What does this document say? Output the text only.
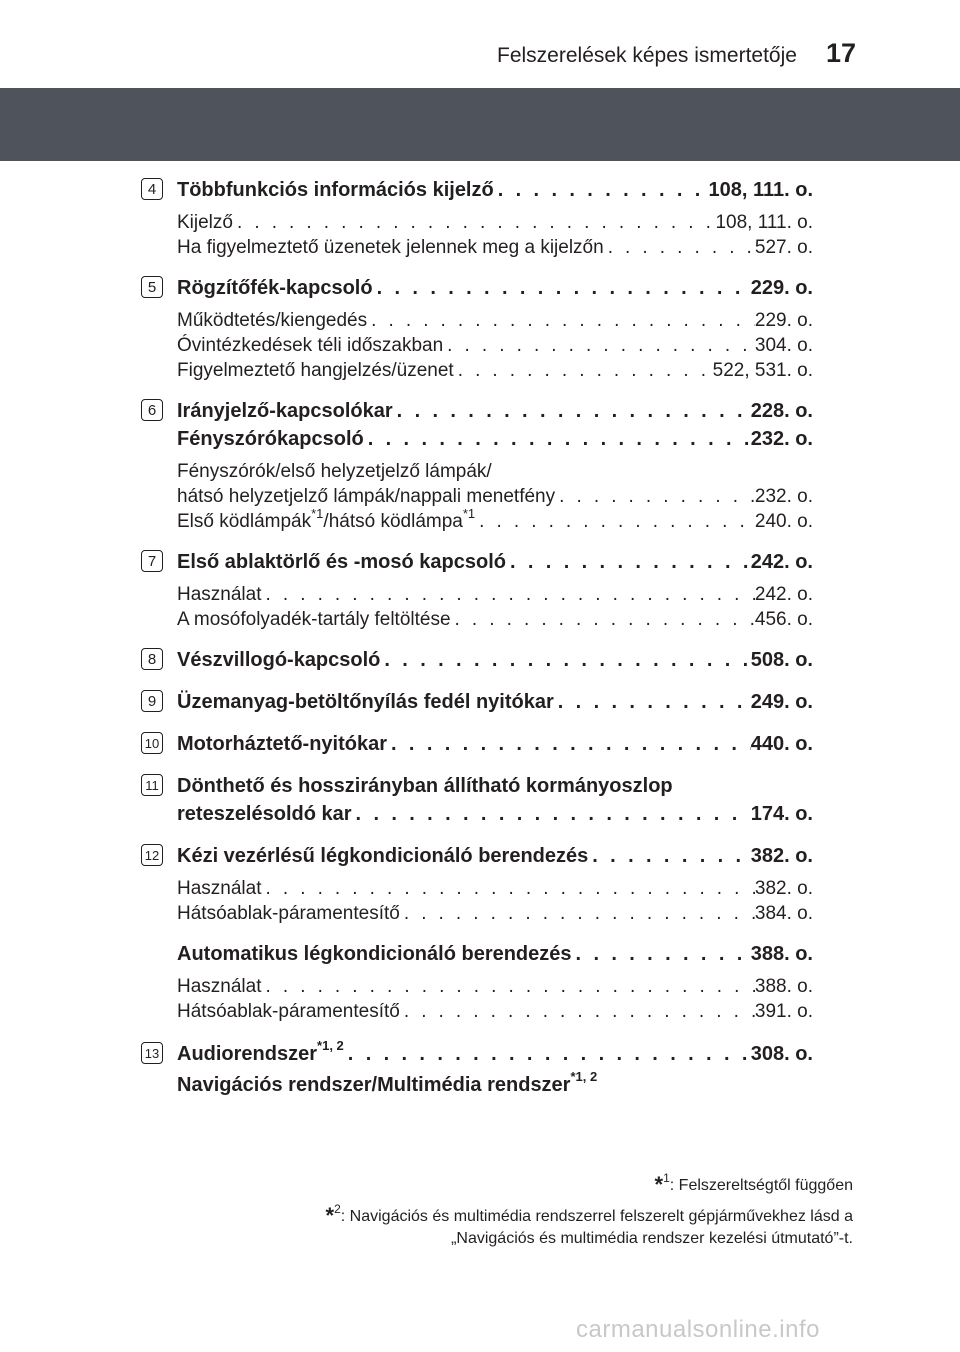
Felszerelések képes ismertetője 17
4	Többfunkciós információs kijelző . . .	108, 111. o.
Kijelző . . .	108, 111. o.
Ha figyelmeztető üzenetek jelennek meg a kijelzőn . . .	527. o.
5	Rögzítőfék-kapcsoló . . .	229. o.
Működtetés/kiengedés . . .	229. o.
Óvintézkedések téli időszakban . . .	304. o.
Figyelmeztető hangjelzés/üzenet . . .	522, 531. o.
6	Irányjelző-kapcsolókar . . .	228. o.
Fényszórókapcsoló . . .	232. o.
Fényszórók/első helyzetjelző lámpák/
hátsó helyzetjelző lámpák/nappali menetfény . . .	232. o.
Első ködlámpák$^{*1}$/hátsó ködlámpa$^{*1}$ . . .	240. o.
7	Első ablaktörlő és -mosó kapcsoló . . .	242. o.
Használat . . .	242. o.
A mosófolyadék-tartály feltöltése . . .	456. o.
8	Vészvillogó-kapcsoló . . .	508. o.
9	Üzemanyag-betöltőnyílás fedél nyitókar . . .	249. o.
10 Motorháztető-nyitókar . . .	440. o.
11 Dönthető és hosszirányban állítható kormányoszlop
reteszelésoldó kar . . .	174. o.
12 Kézi vezérlésű légkondicionáló berendezés . . .	382. o.
Használat . . .	382. o.
Hátsóablak-páramentesítő . . .	384. o.
Automatikus légkondicionáló berendezés . . .	388. o.
Használat . . .	388. o.
Hátsóablak-páramentesítő . . .	391. o.
13 Audiorendszer$^{*1, 2}$ . . .	308. o.
Navigációs rendszer/Multimédia rendszer$^{*1, 2}$
*$^1$: Felszereltségtől függően
*$^2$: Navigációs és multimédia rendszerrel felszerelt gépjárművekhez lásd a
„Navigációs és multimédia rendszer kezelési útmutató”-t.
carmanualsonline.info
